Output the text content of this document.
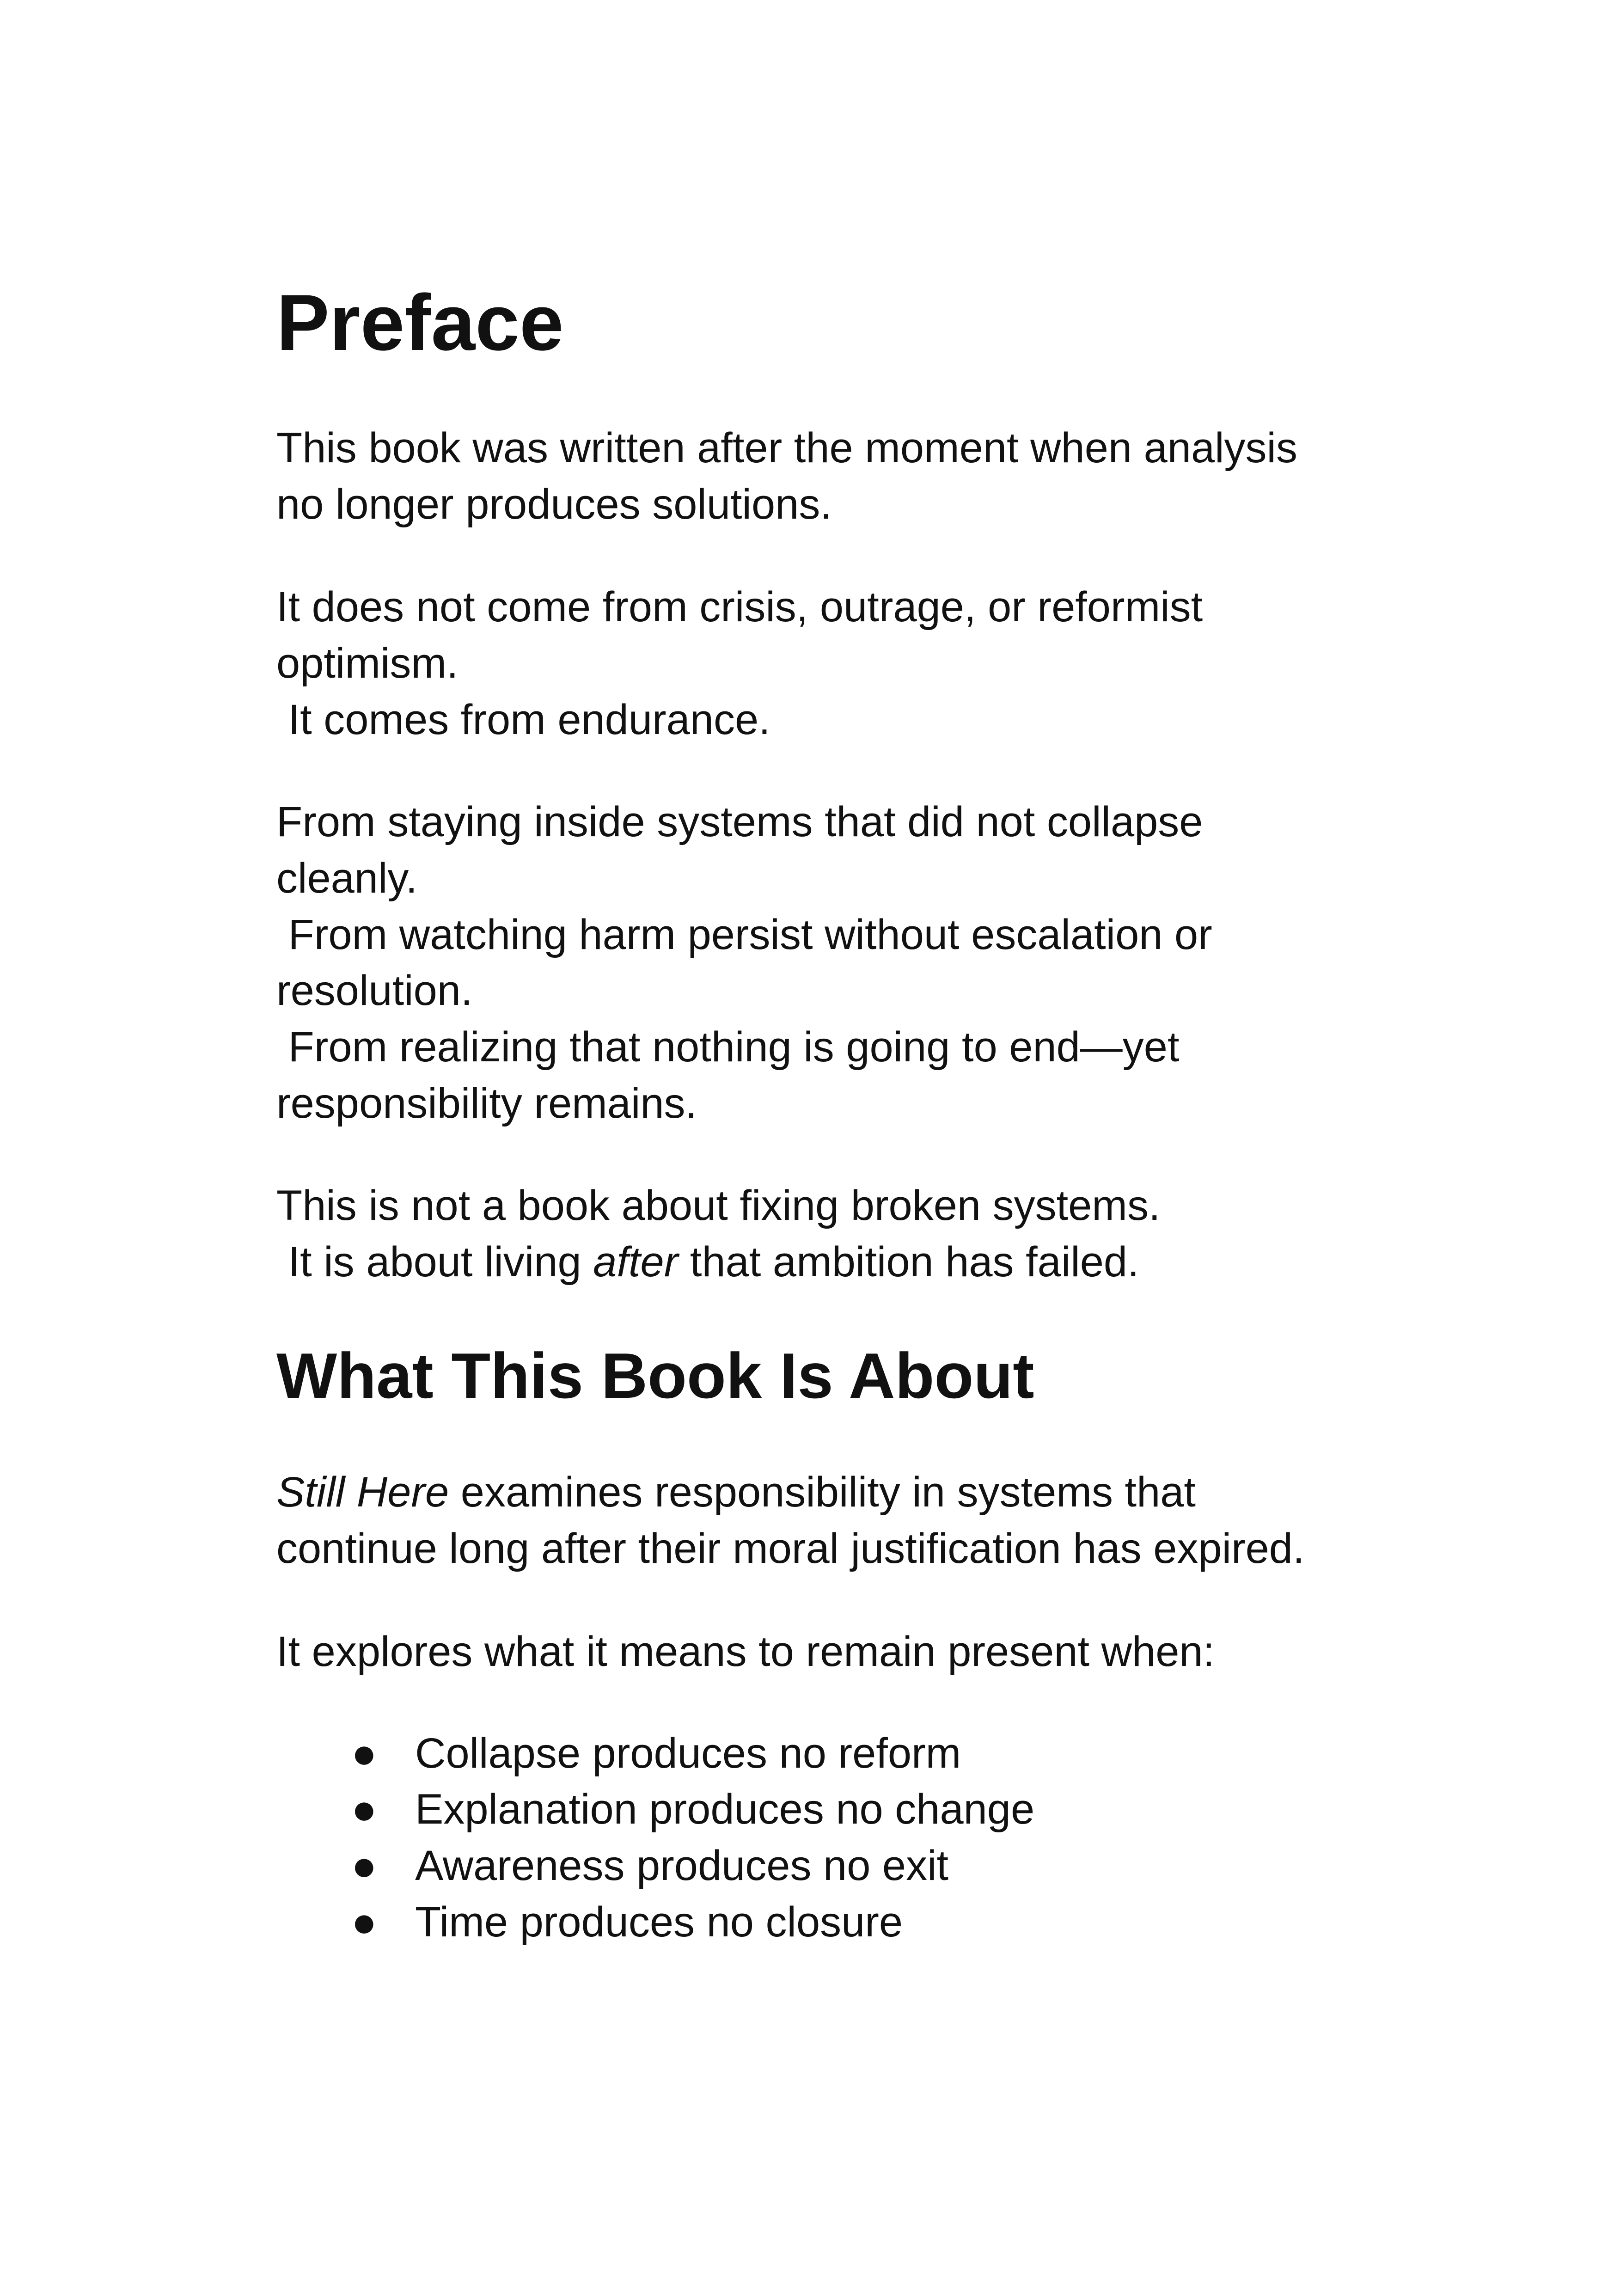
Preface

This book was written after the moment when analysis

no longer produces solutions.

It does not come from crisis, outrage, or reformist

optimism.

It comes from endurance.

From staying inside systems that did not collapse

cleanly.

From watching harm persist without escalation or

resolution.

From realizing that nothing is going to end—yet

responsibility remains.

This is not a book about fixing broken systems.

It is about living after that ambition has failed.

What This Book Is About

Still Here examines responsibility in systems that

continue long after their moral justification has expired.

It explores what it means to remain present when:

● Collapse produces no reform

● Explanation produces no change

● Awareness produces no exit

● Time produces no closure
